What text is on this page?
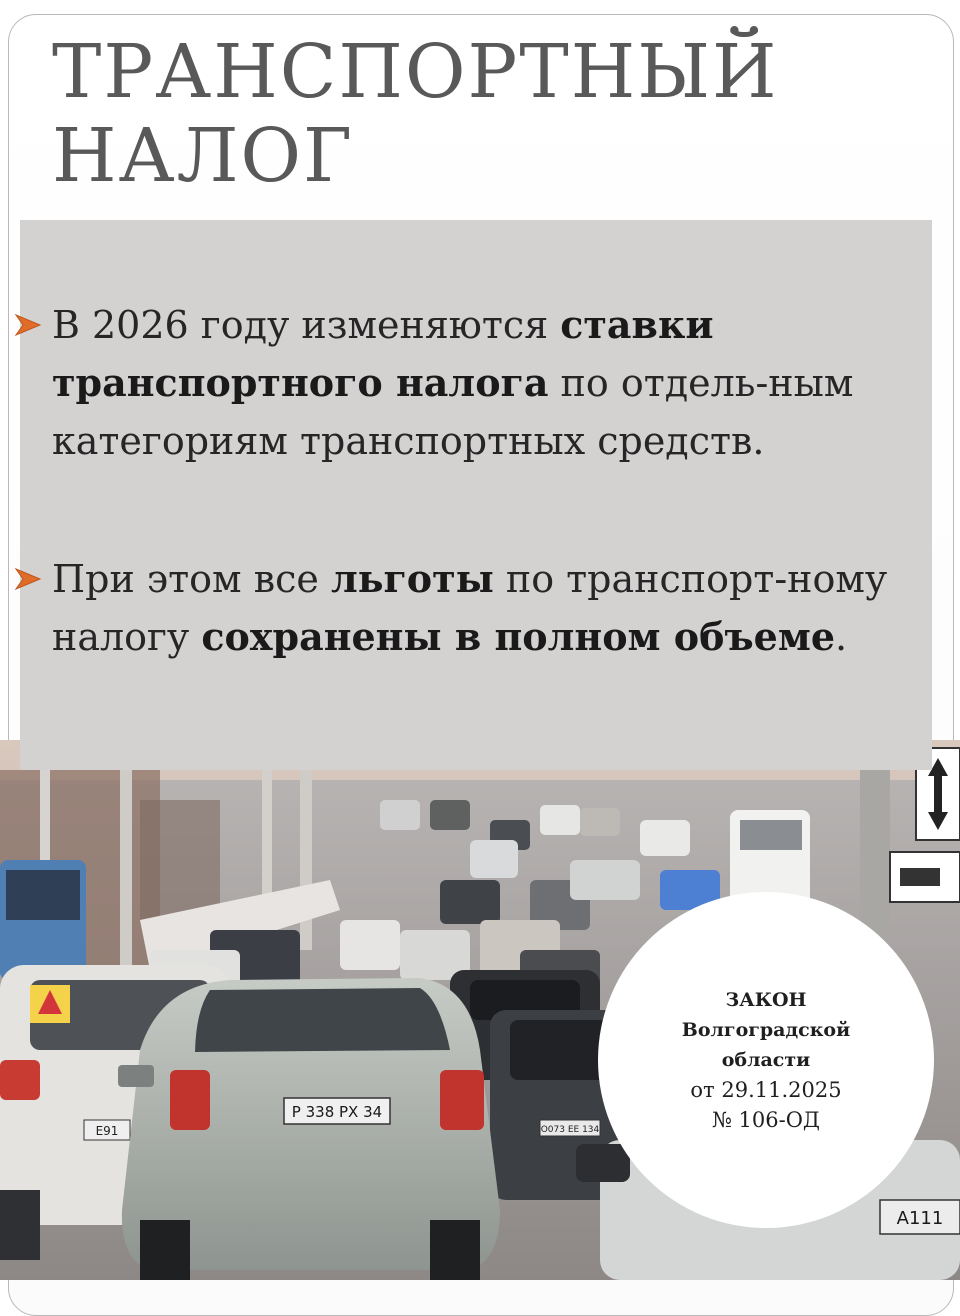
ТРАНСПОРТНЫЙ
НАЛОГ
В 2026 году изменяются ставки транспортного налога по отдель-ным категориям транспортных средств.
При этом все льготы по транспорт-ному налогу сохранены в полном объеме.
О073 ЕЕ 134
Е91
Р 338 РХ 34
А111
ЗАКОН
Волгоградской
области
от 29.11.2025
№ 106-ОД
